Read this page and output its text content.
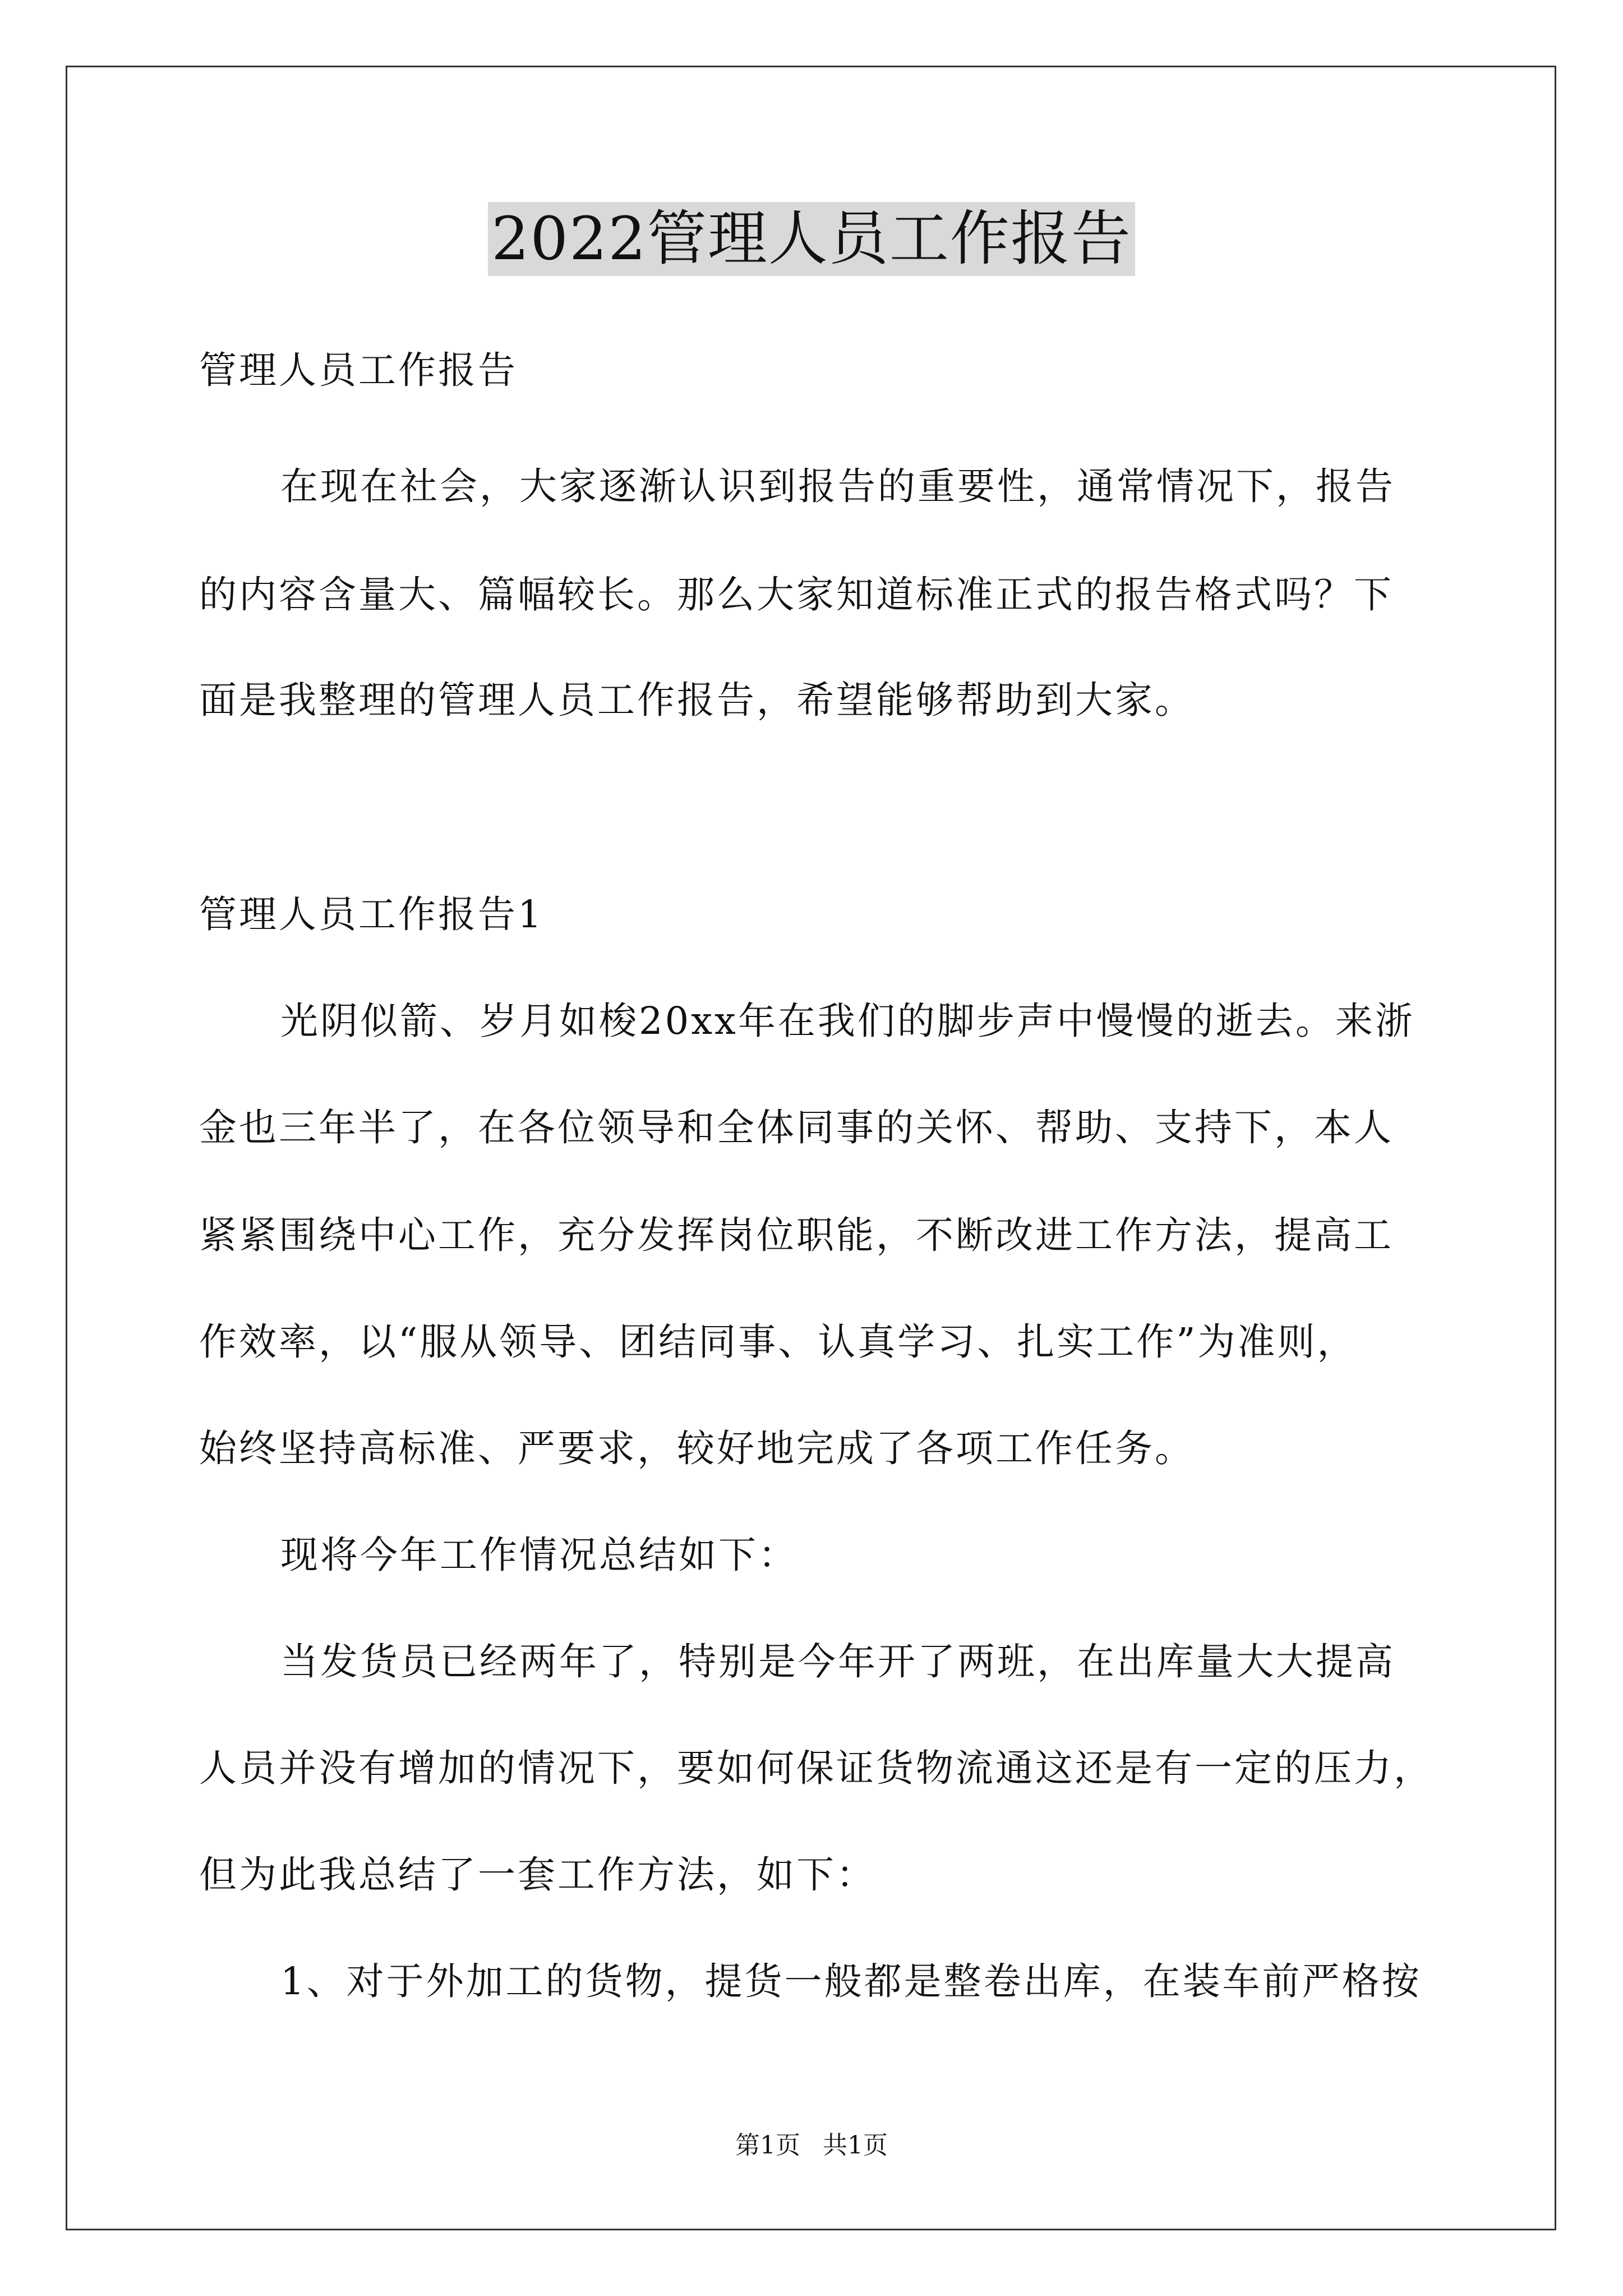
2022管理人员工作报告
管理人员工作报告
在现在社会，大家逐渐认识到报告的重要性，通常情况下，报告
的内容含量大、篇幅较长。那么大家知道标准正式的报告格式吗？下
面是我整理的管理人员工作报告，希望能够帮助到大家。
管理人员工作报告1
光阴似箭、岁月如梭20xx年在我们的脚步声中慢慢的逝去。来浙
金也三年半了，在各位领导和全体同事的关怀、帮助、支持下，本人
紧紧围绕中心工作，充分发挥岗位职能，不断改进工作方法，提高工
作效率，以“服从领导、团结同事、认真学习、扎实工作”为准则，
始终坚持高标准、严要求，较好地完成了各项工作任务。
现将今年工作情况总结如下：
当发货员已经两年了，特别是今年开了两班，在出库量大大提高
人员并没有增加的情况下，要如何保证货物流通这还是有一定的压力，
但为此我总结了一套工作方法，如下：
1、对于外加工的货物，提货一般都是整卷出库，在装车前严格按
第1页 共1页
